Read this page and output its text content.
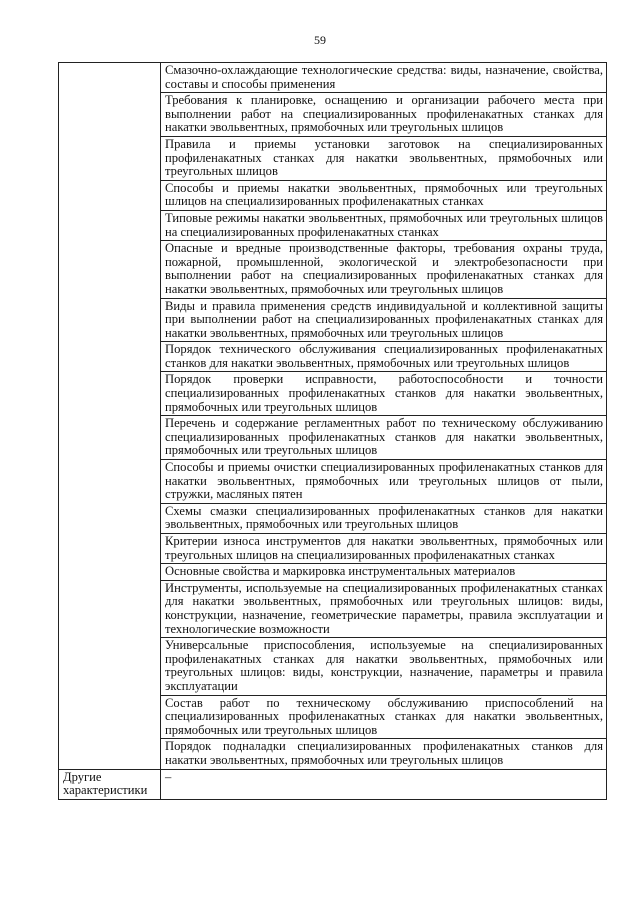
59
	Смазочно-охлаждающие технологические средства: виды, назначение, свойства, составы и способы применения
	Требования к планировке, оснащению и организации рабочего места при выполнении работ на специализированных профиленакатных станках для накатки эвольвентных, прямобочных или треугольных шлицов
	Правила и приемы установки заготовок на специализированных профиленакатных станках для накатки эвольвентных, прямобочных или треугольных шлицов
	Способы и приемы накатки эвольвентных, прямобочных или треугольных шлицов на специализированных профиленакатных станках
	Типовые режимы накатки эвольвентных, прямобочных или треугольных шлицов на специализированных профиленакатных станках
	Опасные и вредные производственные факторы, требования охраны труда, пожарной, промышленной, экологической и электробезопасности при выполнении работ на специализированных профиленакатных станках для накатки эвольвентных, прямобочных или треугольных шлицов
	Виды и правила применения средств индивидуальной и коллективной защиты при выполнении работ на специализированных профиленакатных станках для накатки эвольвентных, прямобочных или треугольных шлицов
	Порядок технического обслуживания специализированных профиленакатных станков для накатки эвольвентных, прямобочных или треугольных шлицов
	Порядок проверки исправности, работоспособности и точности специализированных профиленакатных станков для накатки эвольвентных, прямобочных или треугольных шлицов
	Перечень и содержание регламентных работ по техническому обслуживанию специализированных профиленакатных станков для накатки эвольвентных, прямобочных или треугольных шлицов
	Способы и приемы очистки специализированных профиленакатных станков для накатки эвольвентных, прямобочных или треугольных шлицов от пыли, стружки, масляных пятен
	Схемы смазки специализированных профиленакатных станков для накатки эвольвентных, прямобочных или треугольных шлицов
	Критерии износа инструментов для накатки эвольвентных, прямобочных или треугольных шлицов на специализированных профиленакатных станках
	Основные свойства и маркировка инструментальных материалов
	Инструменты, используемые на специализированных профиленакатных станках для накатки эвольвентных, прямобочных или треугольных шлицов: виды, конструкции, назначение, геометрические параметры, правила эксплуатации и технологические возможности
	Универсальные приспособления, используемые на специализированных профиленакатных станках для накатки эвольвентных, прямобочных или треугольных шлицов: виды, конструкции, назначение, параметры и правила эксплуатации
	Состав работ по техническому обслуживанию приспособлений на специализированных профиленакатных станках для накатки эвольвентных, прямобочных или треугольных шлицов
	Порядок подналадки специализированных профиленакатных станков для накатки эвольвентных, прямобочных или треугольных шлицов
Другие характеристики	–
